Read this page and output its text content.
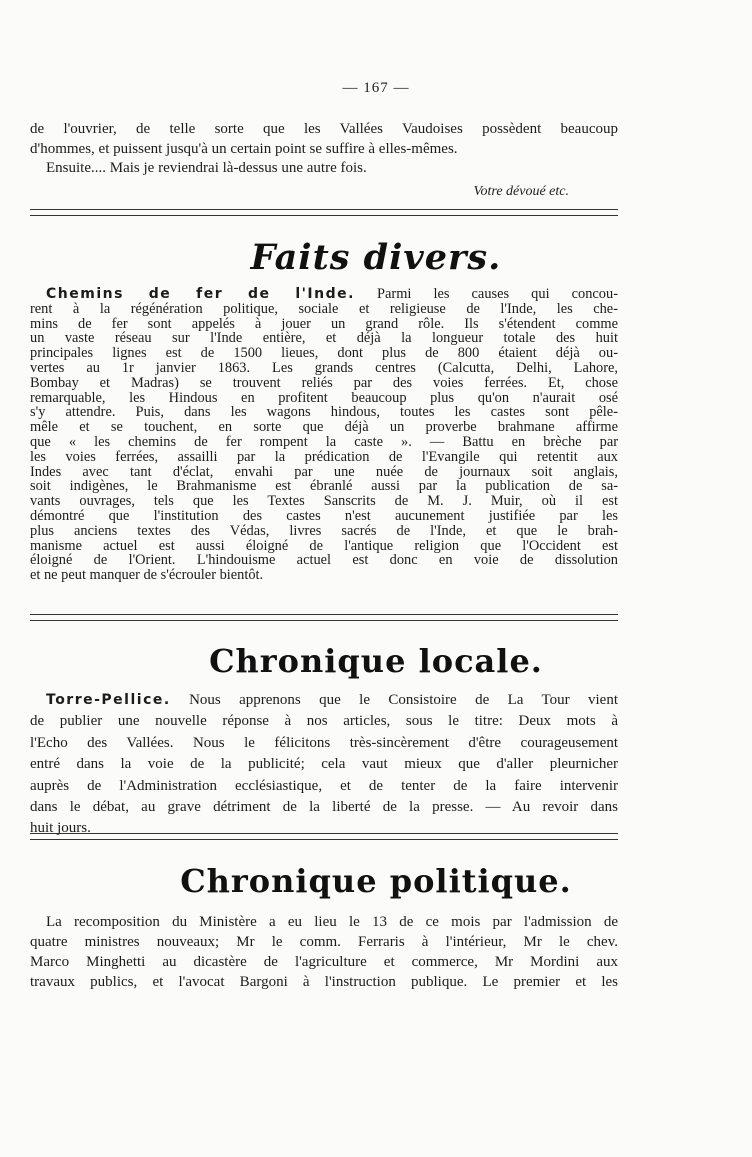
— 167 —

de l'ouvrier, de telle sorte que les Vallées Vaudoises possèdent beaucoup
d'hommes, et puissent jusqu'à un certain point se suffire à elles-mêmes.
Ensuite.... Mais je reviendrai là-dessus une autre fois.

Votre dévoué etc.
Faits divers.

Chemins de fer de l'Inde. Parmi les causes qui concou-
rent à la régénération politique, sociale et religieuse de l'Inde, les che-
mins de fer sont appelés à jouer un grand rôle. Ils s'étendent comme
un vaste réseau sur l'Inde entière, et déjà la longueur totale des huit
principales lignes est de 1500 lieues, dont plus de 800 étaient déjà ou-
vertes au 1r janvier 1863. Les grands centres (Calcutta, Delhi, Lahore,
Bombay et Madras) se trouvent reliés par des voies ferrées. Et, chose
remarquable, les Hindous en profitent beaucoup plus qu'on n'aurait osé
s'y attendre. Puis, dans les wagons hindous, toutes les castes sont pêle-
mêle et se touchent, en sorte que déjà un proverbe brahmane affirme
que « les chemins de fer rompent la caste ». — Battu en brèche par
les voies ferrées, assailli par la prédication de l'Evangile qui retentit aux
Indes avec tant d'éclat, envahi par une nuée de journaux soit anglais,
soit indigènes, le Brahmanisme est ébranlé aussi par la publication de sa-
vants ouvrages, tels que les Textes Sanscrits de M. J. Muir, où il est
démontré que l'institution des castes n'est aucunement justifiée par les
plus anciens textes des Védas, livres sacrés de l'Inde, et que le brah-
manisme actuel est aussi éloigné de l'antique religion que l'Occident est
éloigné de l'Orient. L'hindouisme actuel est donc en voie de dissolution
et ne peut manquer de s'écrouler bientôt.

Chronique locale.

Torre-Pellice. Nous apprenons que le Consistoire de La Tour vient
de publier une nouvelle réponse à nos articles, sous le titre: Deux mots à
l'Echo des Vallées. Nous le félicitons très-sincèrement d'être courageusement
entré dans la voie de la publicité; cela vaut mieux que d'aller pleurnicher
auprès de l'Administration ecclésiastique, et de tenter de la faire intervenir
dans le débat, au grave détriment de la liberté de la presse. — Au revoir dans
huit jours.

Chronique politique.

La recomposition du Ministère a eu lieu le 13 de ce mois par l'admission de
quatre ministres nouveaux; Mr le comm. Ferraris à l'intérieur, Mr le chev.
Marco Minghetti au dicastère de l'agriculture et commerce, Mr Mordini aux
travaux publics, et l'avocat Bargoni à l'instruction publique. Le premier et les
